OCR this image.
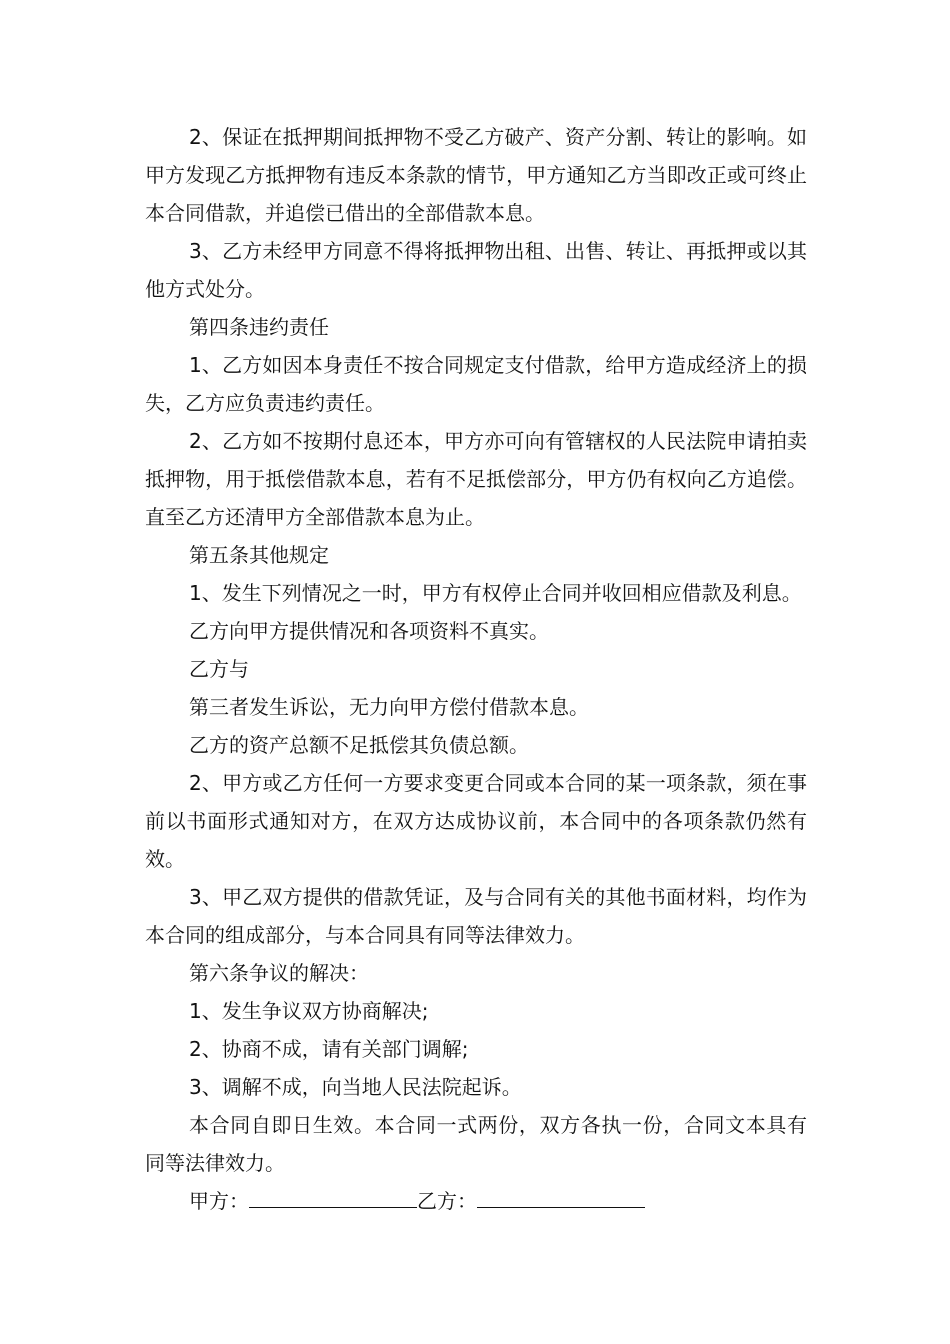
2、保证在抵押期间抵押物不受乙方破产、资产分割、转让的影响。如甲方发现乙方抵押物有违反本条款的情节，甲方通知乙方当即改正或可终止本合同借款，并追偿已借出的全部借款本息。

3、乙方未经甲方同意不得将抵押物出租、出售、转让、再抵押或以其他方式处分。

第四条违约责任

1、乙方如因本身责任不按合同规定支付借款，给甲方造成经济上的损失，乙方应负责违约责任。

2、乙方如不按期付息还本，甲方亦可向有管辖权的人民法院申请拍卖抵押物，用于抵偿借款本息，若有不足抵偿部分，甲方仍有权向乙方追偿。直至乙方还清甲方全部借款本息为止。

第五条其他规定

1、发生下列情况之一时，甲方有权停止合同并收回相应借款及利息。

乙方向甲方提供情况和各项资料不真实。

乙方与

第三者发生诉讼，无力向甲方偿付借款本息。

乙方的资产总额不足抵偿其负债总额。

2、甲方或乙方任何一方要求变更合同或本合同的某一项条款，须在事前以书面形式通知对方，在双方达成协议前，本合同中的各项条款仍然有效。

3、甲乙双方提供的借款凭证，及与合同有关的其他书面材料，均作为本合同的组成部分，与本合同具有同等法律效力。

第六条争议的解决：

1、发生争议双方协商解决;

2、协商不成，请有关部门调解;

3、调解不成，向当地人民法院起诉。

本合同自即日生效。本合同一式两份，双方各执一份，合同文本具有同等法律效力。

甲方：	乙方：
